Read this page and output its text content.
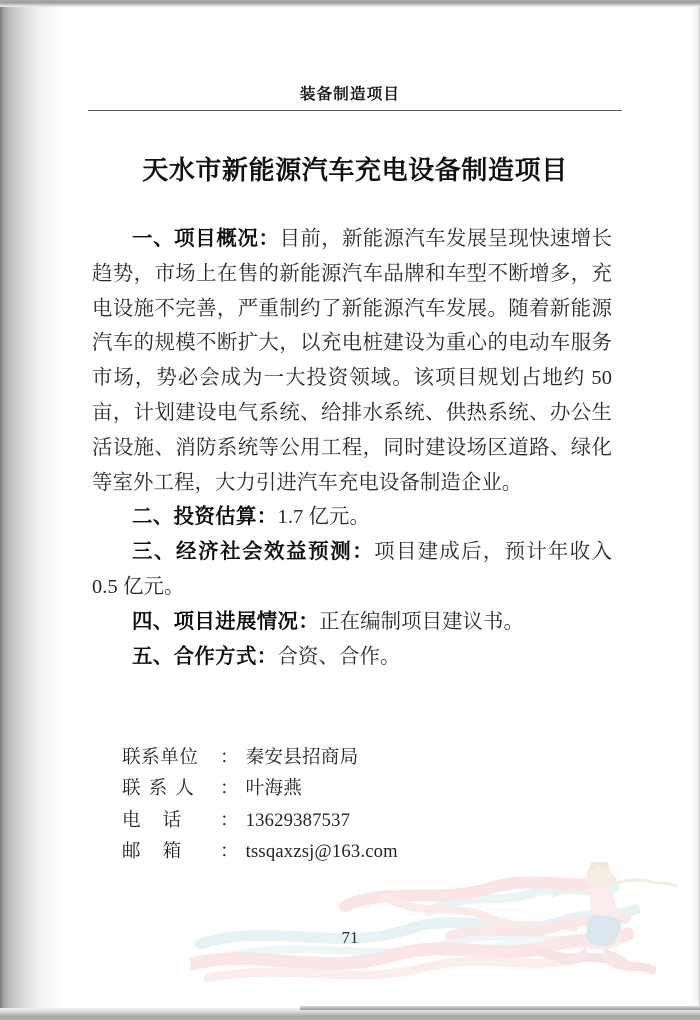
装备制造项目
天水市新能源汽车充电设备制造项目

一、项目概况：目前，新能源汽车发展呈现快速增长趋势，市场上在售的新能源汽车品牌和车型不断增多，充电设施不完善，严重制约了新能源汽车发展。随着新能源汽车的规模不断扩大，以充电桩建设为重心的电动车服务市场，势必会成为一大投资领域。该项目规划占地约 50 亩，计划建设电气系统、给排水系统、供热系统、办公生活设施、消防系统等公用工程，同时建设场区道路、绿化等室外工程，大力引进汽车充电设备制造企业。

二、投资估算：1.7 亿元。

三、经济社会效益预测：项目建成后，预计年收入 0.5 亿元。

四、项目进展情况：正在编制项目建议书。

五、合作方式：合资、合作。

联系单位	： 秦安县招商局
联系人 ： 叶海燕
电话 ： 13629387537
邮箱 ： tssqaxzsj@163.com
71
